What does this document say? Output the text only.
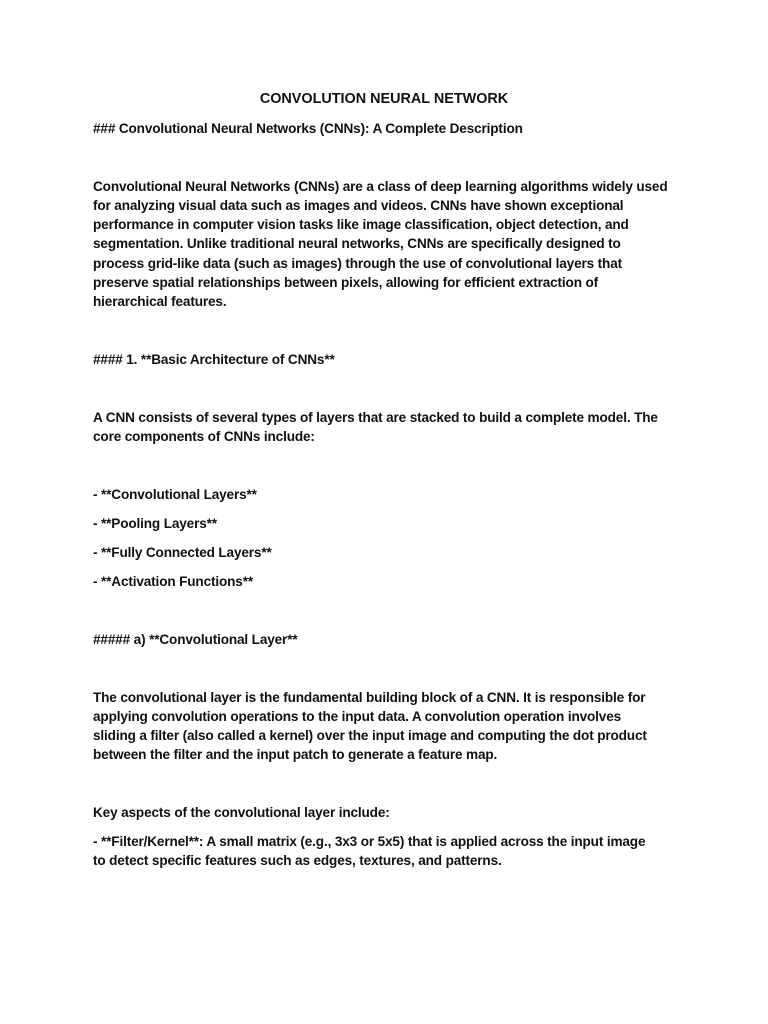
CONVOLUTION NEURAL NETWORK
### Convolutional Neural Networks (CNNs): A Complete Description
Convolutional Neural Networks (CNNs) are a class of deep learning algorithms widely used
for analyzing visual data such as images and videos. CNNs have shown exceptional
performance in computer vision tasks like image classification, object detection, and
segmentation. Unlike traditional neural networks, CNNs are specifically designed to
process grid-like data (such as images) through the use of convolutional layers that
preserve spatial relationships between pixels, allowing for efficient extraction of
hierarchical features.
#### 1. **Basic Architecture of CNNs**
A CNN consists of several types of layers that are stacked to build a complete model. The
core components of CNNs include:
- **Convolutional Layers**
- **Pooling Layers**
- **Fully Connected Layers**
- **Activation Functions**
##### a) **Convolutional Layer**
The convolutional layer is the fundamental building block of a CNN. It is responsible for
applying convolution operations to the input data. A convolution operation involves
sliding a filter (also called a kernel) over the input image and computing the dot product
between the filter and the input patch to generate a feature map.
Key aspects of the convolutional layer include:
- **Filter/Kernel**: A small matrix (e.g., 3x3 or 5x5) that is applied across the input image
to detect specific features such as edges, textures, and patterns.
